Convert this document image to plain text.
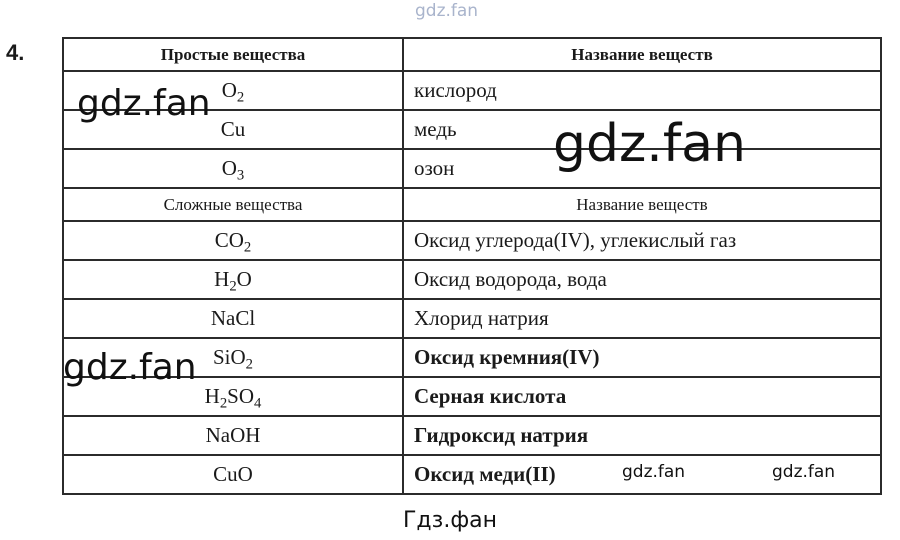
4.
gdz.fan
Простые вещества	Название веществ
$O_2$	кислород
Cu	медь
$O_3$	озон
Сложные вещества	Название веществ
$CO_2$	Оксид углерода(IV), углекислый газ
$H_2O$	Оксид водорода, вода
NaCl	Хлорид натрия
SiO$_2$	Оксид кремния(IV)
$H_2SO_4$	Серная кислота
NaOH	Гидроксид натрия
CuO	Оксид меди(II)
gdz.fan
gdz.fan
gdz.fan
gdz.fan	gdz.fan
Гдз.фан
